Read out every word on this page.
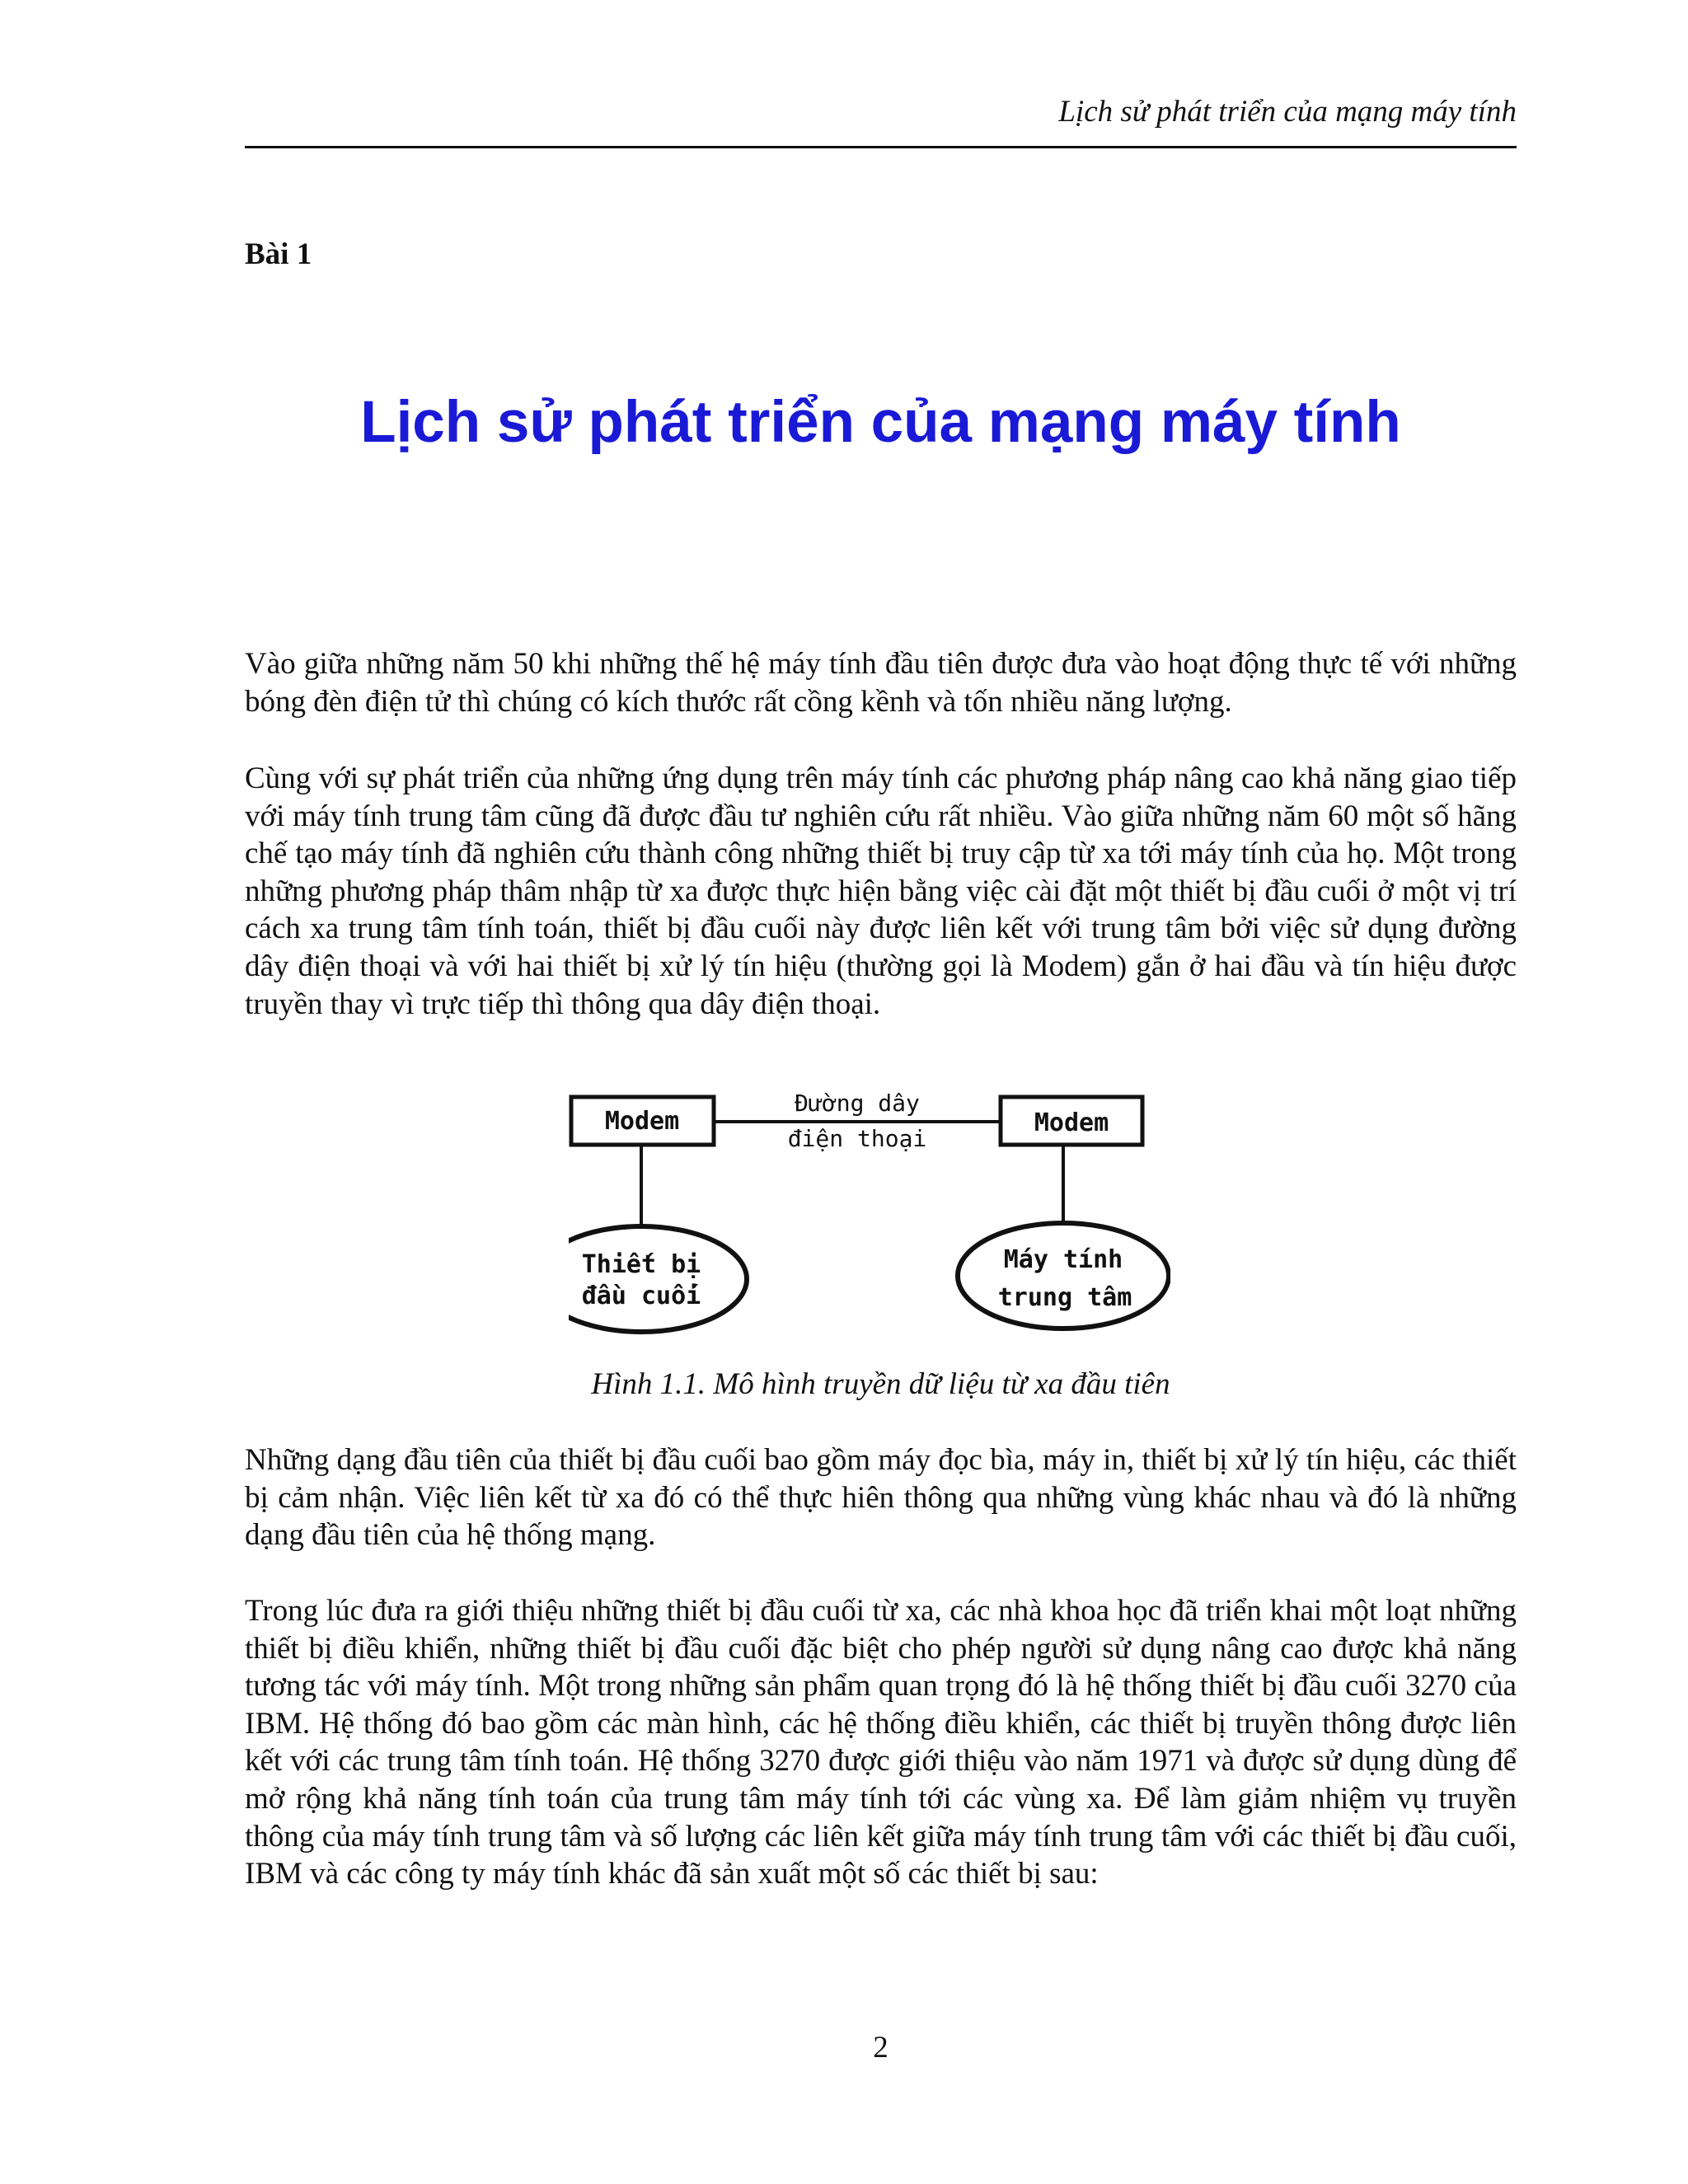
Lịch sử phát triển của mạng máy tính
Bài 1
Lịch sử phát triển của mạng máy tính

Vào giữa những năm 50 khi những thế hệ máy tính đầu tiên được đưa vào hoạt động thực tế với những bóng đèn điện tử thì chúng có kích thước rất cồng kềnh và tốn nhiều năng lượng.

Cùng với sự phát triển của những ứng dụng trên máy tính các phương pháp nâng cao khả năng giao tiếp với máy tính trung tâm cũng đã được đầu tư nghiên cứu rất nhiều. Vào giữa những năm 60 một số hãng chế tạo máy tính đã nghiên cứu thành công những thiết bị truy cập từ xa tới máy tính của họ. Một trong những phương pháp thâm nhập từ xa được thực hiện bằng việc cài đặt một thiết bị đầu cuối ở một vị trí cách xa trung tâm tính toán, thiết bị đầu cuối này được liên kết với trung tâm bởi việc sử dụng đường dây điện thoại và với hai thiết bị xử lý tín hiệu (thường gọi là Modem) gắn ở hai đầu và tín hiệu được truyền thay vì trực tiếp thì thông qua dây điện thoại.

Modem	Modem
Đường dây
điện thoại
Thiết bị
đầu cuối
Máy tính
trung tâm
Hình 1.1. Mô hình truyền dữ liệu từ xa đầu tiên

Những dạng đầu tiên của thiết bị đầu cuối bao gồm máy đọc bìa, máy in, thiết bị xử lý tín hiệu, các thiết bị cảm nhận. Việc liên kết từ xa đó có thể thực hiên thông qua những vùng khác nhau và đó là những dạng đầu tiên của hệ thống mạng.

Trong lúc đưa ra giới thiệu những thiết bị đầu cuối từ xa, các nhà khoa học đã triển khai một loạt những thiết bị điều khiển, những thiết bị đầu cuối đặc biệt cho phép người sử dụng nâng cao được khả năng tương tác với máy tính. Một trong những sản phẩm quan trọng đó là hệ thống thiết bị đầu cuối 3270 của IBM. Hệ thống đó bao gồm các màn hình, các hệ thống điều khiển, các thiết bị truyền thông được liên kết với các trung tâm tính toán. Hệ thống 3270 được giới thiệu vào năm 1971 và được sử dụng dùng để mở rộng khả năng tính toán của trung tâm máy tính tới các vùng xa. Để làm giảm nhiệm vụ truyền thông của máy tính trung tâm và số lượng các liên kết giữa máy tính trung tâm với các thiết bị đầu cuối, IBM và các công ty máy tính khác đã sản xuất một số các thiết bị sau:

2
